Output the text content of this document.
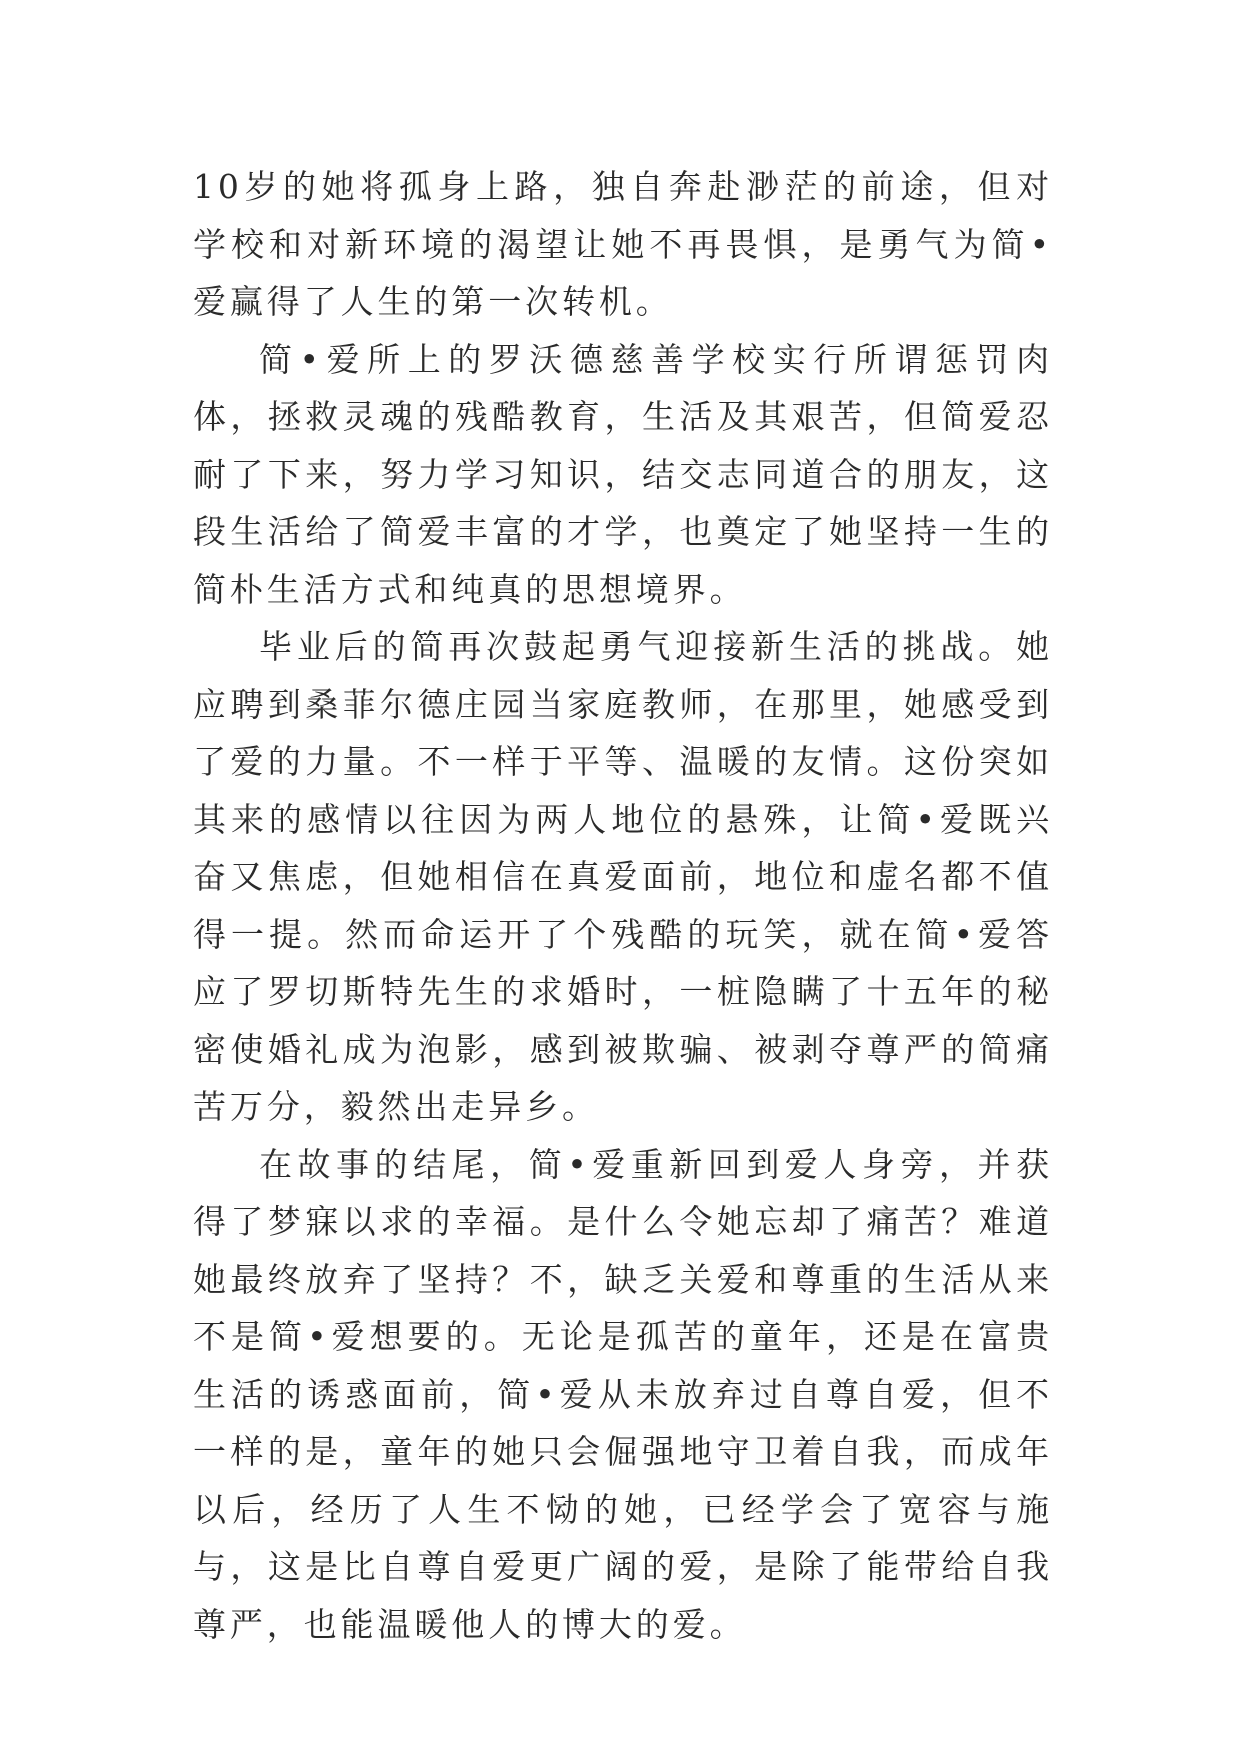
10岁的她将孤身上路，独自奔赴渺茫的前途，但对学校和对新环境的渴望让她不再畏惧，是勇气为简•爱赢得了人生的第一次转机。

简•爱所上的罗沃德慈善学校实行所谓惩罚肉体，拯救灵魂的残酷教育，生活及其艰苦，但简爱忍耐了下来，努力学习知识，结交志同道合的朋友，这段生活给了简爱丰富的才学，也奠定了她坚持一生的简朴生活方式和纯真的思想境界。

毕业后的简再次鼓起勇气迎接新生活的挑战。她应聘到桑菲尔德庄园当家庭教师，在那里，她感受到了爱的力量。不一样于平等、温暖的友情。这份突如其来的感情以往因为两人地位的悬殊，让简•爱既兴奋又焦虑，但她相信在真爱面前，地位和虚名都不值得一提。然而命运开了个残酷的玩笑，就在简•爱答应了罗切斯特先生的求婚时，一桩隐瞒了十五年的秘密使婚礼成为泡影，感到被欺骗、被剥夺尊严的简痛苦万分，毅然出走异乡。

在故事的结尾，简•爱重新回到爱人身旁，并获得了梦寐以求的幸福。是什么令她忘却了痛苦？难道她最终放弃了坚持？不，缺乏关爱和尊重的生活从来不是简•爱想要的。无论是孤苦的童年，还是在富贵生活的诱惑面前，简•爱从未放弃过自尊自爱，但不一样的是，童年的她只会倔强地守卫着自我，而成年以后，经历了人生不恸的她，已经学会了宽容与施与，这是比自尊自爱更广阔的爱，是除了能带给自我尊严，也能温暖他人的博大的爱。
